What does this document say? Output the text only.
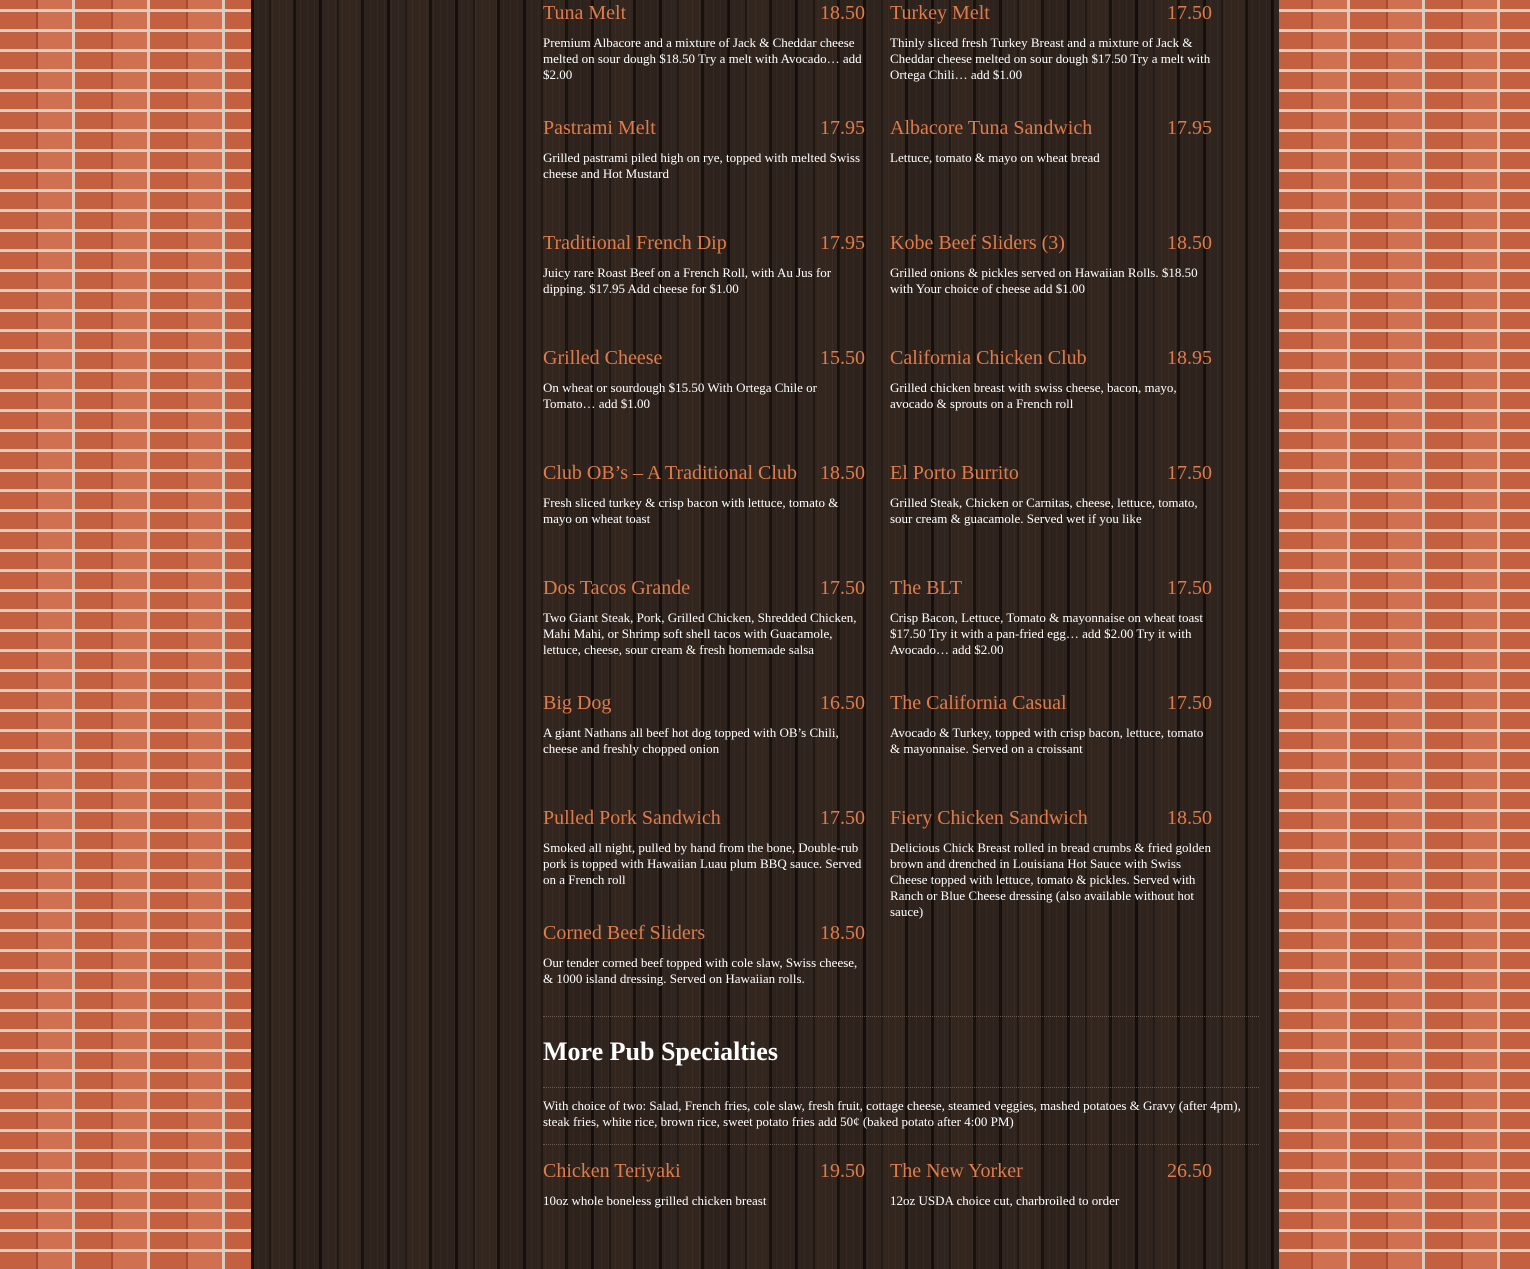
Tuna Melt	18.50
Premium Albacore and a mixture of Jack & Cheddar cheese melted on sour dough $18.50 Try a melt with Avocado… add $2.00
Turkey Melt	17.50
Thinly sliced fresh Turkey Breast and a mixture of Jack & Cheddar cheese melted on sour dough $17.50 Try a melt with Ortega Chili… add $1.00
Pastrami Melt	17.95
Grilled pastrami piled high on rye, topped with melted Swiss cheese and Hot Mustard
Albacore Tuna Sandwich	17.95
Lettuce, tomato & mayo on wheat bread
Traditional French Dip	17.95
Juicy rare Roast Beef on a French Roll, with Au Jus for dipping. $17.95 Add cheese for $1.00
Kobe Beef Sliders (3)	18.50
Grilled onions & pickles served on Hawaiian Rolls. $18.50 with Your choice of cheese add $1.00
Grilled Cheese	15.50
On wheat or sourdough $15.50 With Ortega Chile or Tomato… add $1.00
California Chicken Club	18.95
Grilled chicken breast with swiss cheese, bacon, mayo, avocado & sprouts on a French roll
Club OB’s – A Traditional Club 18.50
Fresh sliced turkey & crisp bacon with lettuce, tomato & mayo on wheat toast
El Porto Burrito	17.50
Grilled Steak, Chicken or Carnitas, cheese, lettuce, tomato, sour cream & guacamole. Served wet if you like
Dos Tacos Grande	17.50
Two Giant Steak, Pork, Grilled Chicken, Shredded Chicken, Mahi Mahi, or Shrimp soft shell tacos with Guacamole, lettuce, cheese, sour cream & fresh homemade salsa
The BLT	17.50
Crisp Bacon, Lettuce, Tomato & mayonnaise on wheat toast $17.50 Try it with a pan-fried egg… add $2.00 Try it with Avocado… add $2.00
Big Dog	16.50
A giant Nathans all beef hot dog topped with OB’s Chili, cheese and freshly chopped onion
The California Casual	17.50
Avocado & Turkey, topped with crisp bacon, lettuce, tomato & mayonnaise. Served on a croissant
Pulled Pork Sandwich	17.50
Smoked all night, pulled by hand from the bone, Double-rub pork is topped with Hawaiian Luau plum BBQ sauce. Served on a French roll
Fiery Chicken Sandwich	18.50
Delicious Chick Breast rolled in bread crumbs & fried golden brown and drenched in Louisiana Hot Sauce with Swiss Cheese topped with lettuce, tomato & pickles. Served with Ranch or Blue Cheese dressing (also available without hot sauce)
Corned Beef Sliders	18.50
Our tender corned beef topped with cole slaw, Swiss cheese, & 1000 island dressing. Served on Hawaiian rolls.
More Pub Specialties

With choice of two: Salad, French fries, cole slaw, fresh fruit, cottage cheese, steamed veggies, mashed potatoes & Gravy (after 4pm), steak fries, white rice, brown rice, sweet potato fries add 50¢ (baked potato after 4:00 PM)

Chicken Teriyaki	19.50
10oz whole boneless grilled chicken breast
The New Yorker	26.50
12oz USDA choice cut, charbroiled to order
